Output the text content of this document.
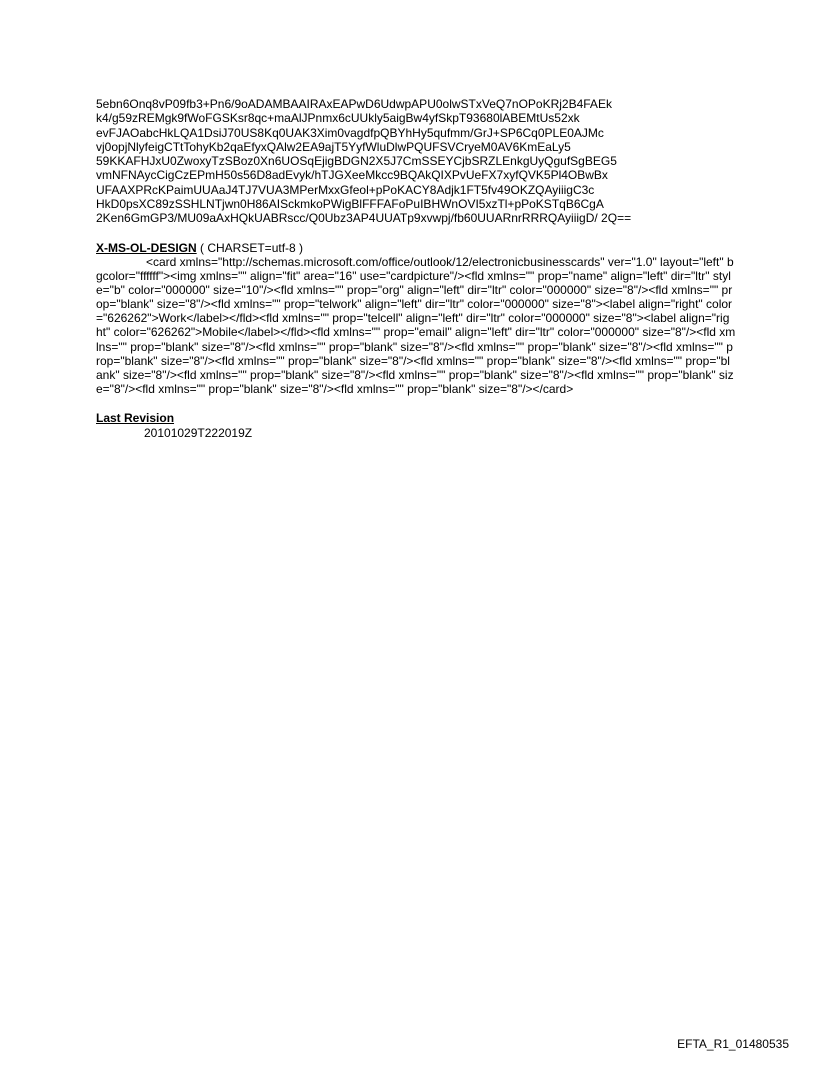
5ebn6Onq8vP09fb3+Pn6/9oADAMBAAIRAxEAPwD6UdwpAPU0olwSTxVeQ7nOPoKRj2B4FAEk
k4/g59zREMgk9fWoFGSKsr8qc+maAlJPnmx6cUUkly5aigBw4yfSkpT93680lABEMtUs52xk
evFJAOabcHkLQA1DsiJ70US8Kq0UAK3Xim0vagdfpQBYhHy5qufmm/GrJ+SP6Cq0PLE0AJMc
vj0opjNlyfeigCTtTohyKb2qaEfyxQAlw2EA9ajT5YyfWluDlwPQUFSVCryeM0AV6KmEaLy5
59KKAFHJxU0ZwoxyTzSBoz0Xn6UOSqEjigBDGN2X5J7CmSSEYCjbSRZLEnkgUyQgufSgBEG5
vmNFNAycCigCzEPmH50s56D8adEvyk/hTJGXeeMkcc9BQAkQIXPvUeFX7xyfQVK5Pl4OBwBx
UFAAXPRcKPaimUUAaJ4TJ7VUA3MPerMxxGfeol+pPoKACY8Adjk1FT5fv49OKZQAyiiigC3c
HkD0psXC89zSSHLNTjwn0H86AISckmkoPWigBlFFFAFoPuIBHWnOVI5xzTl+pPoKSTqB6CgA
2Ken6GmGP3/MU09aAxHQkUABRscc/Q0Ubz3AP4UUATp9xvwpj/fb60UUARnrRRRQAyiiigD/ 2Q==
X-MS-OL-DESIGN ( CHARSET=utf-8 )
<card xmlns="http://schemas.microsoft.com/office/outlook/12/electronicbusinesscards" ver="1.0" layout="left" bgcolor="ffffff"><img xmlns="" align="fit" area="16" use="cardpicture"/><fld xmlns="" prop="name" align="left" dir="ltr" style="b" color="000000" size="10"/><fld xmlns="" prop="org" align="left" dir="ltr" color="000000" size="8"/><fld xmlns="" prop="blank" size="8"/><fld xmlns="" prop="telwork" align="left" dir="ltr" color="000000" size="8"><label align="right" color="626262">Work</label></fld><fld xmlns="" prop="telcell" align="left" dir="ltr" color="000000" size="8"><label align="right" color="626262">Mobile</label></fld><fld xmlns="" prop="email" align="left" dir="ltr" color="000000" size="8"/><fld xmlns="" prop="blank" size="8"/><fld xmlns="" prop="blank" size="8"/><fld xmlns="" prop="blank" size="8"/><fld xmlns="" prop="blank" size="8"/><fld xmlns="" prop="blank" size="8"/><fld xmlns="" prop="blank" size="8"/><fld xmlns="" prop="blank" size="8"/><fld xmlns="" prop="blank" size="8"/><fld xmlns="" prop="blank" size="8"/><fld xmlns="" prop="blank" size="8"/><fld xmlns="" prop="blank" size="8"/><fld xmlns="" prop="blank" size="8"/></card>
Last Revision
20101029T222019Z
EFTA_R1_01480535
